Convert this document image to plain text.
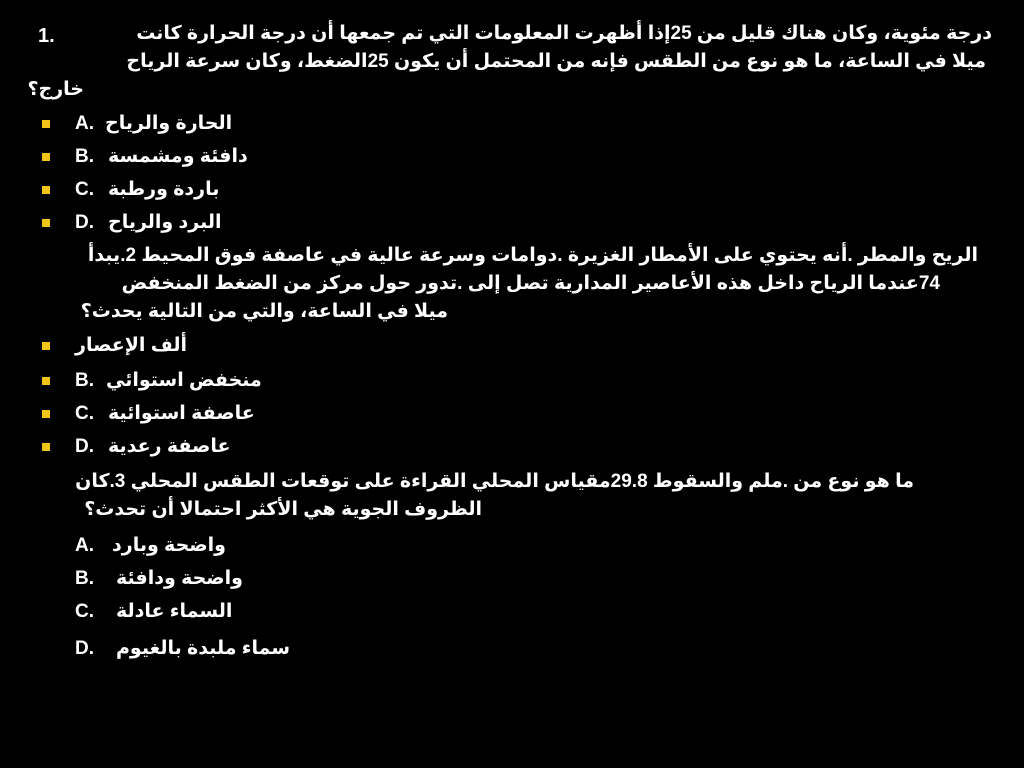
1.	درجة مئوية، وكان هناك قليل من 25إذا أظهرت المعلومات التي تم جمعها أن درجة الحرارة كانت
ميلا في الساعة، ما هو نوع من الطقس فإنه من المحتمل أن يكون 25الضغط، وكان سرعة الرياح
خارج؟
A. الحارة والرياح
B. دافئة ومشمسة
C. باردة ورطبة
D. البرد والرياح
الريح والمطر .أنه يحتوي على الأمطار الغزيرة .دوامات وسرعة عالية في عاصفة فوق المحيط 2.يبدأ
74عندما الرياح داخل هذه الأعاصير المدارية تصل إلى .تدور حول مركز من الضغط المنخفض
ميلا في الساعة، والتي من التالية يحدث؟
ألف الإعصار
B. منخفض استوائي
C. عاصفة استوائية
D. عاصفة رعدية
ما هو نوع من .ملم والسقوط 29.8مقياس المحلي القراءة على توقعات الطقس المحلي 3.كان
الظروف الجوية هي الأكثر احتمالا أن تحدث؟
A. واضحة وبارد
B. واضحة ودافئة
C. السماء عادلة
D. سماء ملبدة بالغيوم
